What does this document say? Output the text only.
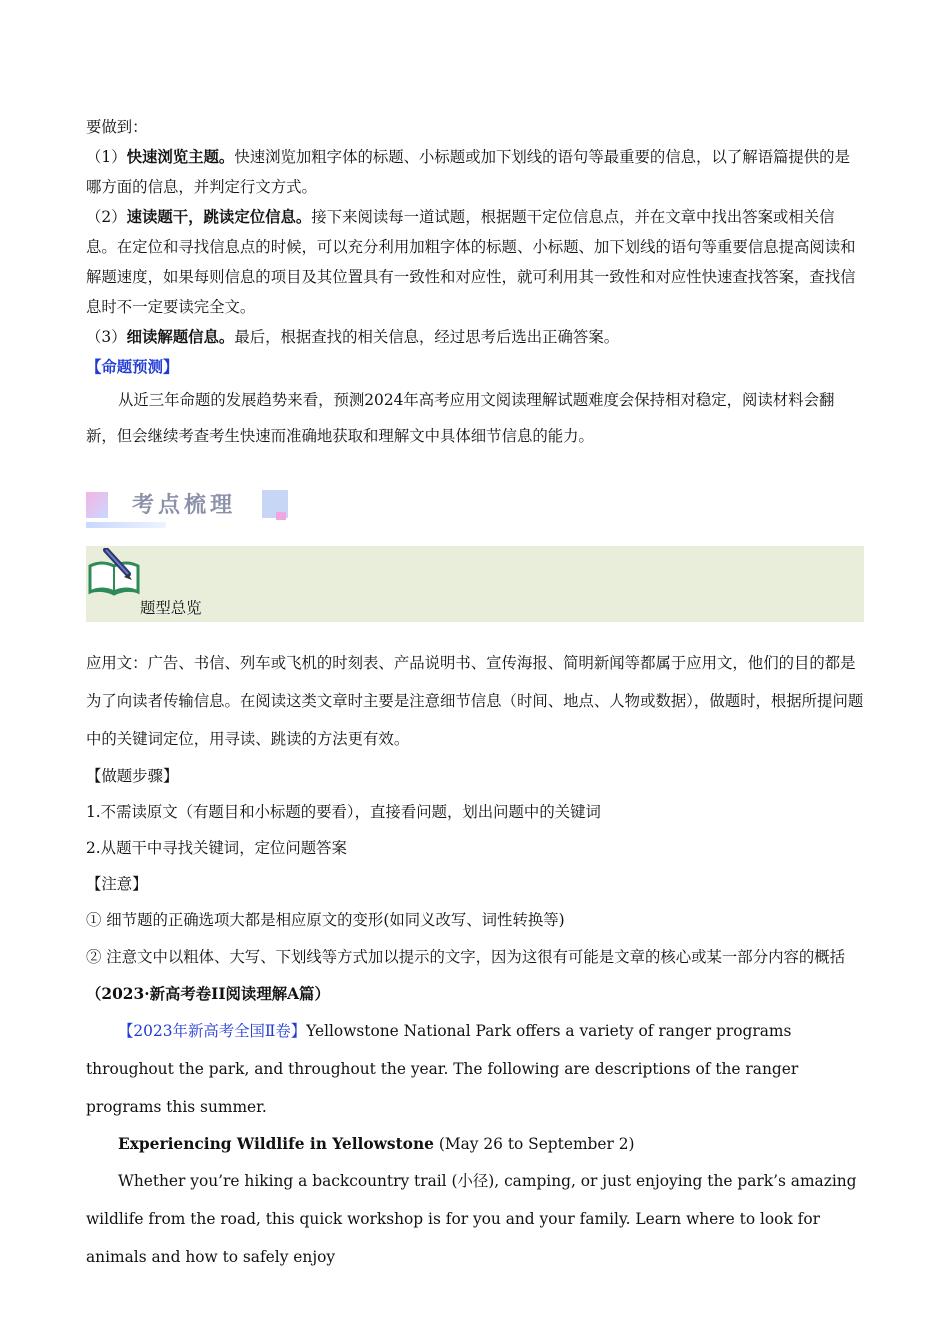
要做到：

（1）快速浏览主题。快速浏览加粗字体的标题、小标题或加下划线的语句等最重要的信息，以了解语篇提供的是哪方面的信息，并判定行文方式。

（2）速读题干，跳读定位信息。接下来阅读每一道试题，根据题干定位信息点，并在文章中找出答案或相关信息。在定位和寻找信息点的时候，可以充分利用加粗字体的标题、小标题、加下划线的语句等重要信息提高阅读和解题速度，如果每则信息的项目及其位置具有一致性和对应性，就可利用其一致性和对应性快速查找答案，查找信息时不一定要读完全文。

（3）细读解题信息。最后，根据查找的相关信息，经过思考后选出正确答案。

【命题预测】

从近三年命题的发展趋势来看，预测2024年高考应用文阅读理解试题难度会保持相对稳定，阅读材料会翻新，但会继续考查考生快速而准确地获取和理解文中具体细节信息的能力。

考点梳理
题型总览

应用文：广告、书信、列车或飞机的时刻表、产品说明书、宣传海报、简明新闻等都属于应用文，他们的目的都是为了向读者传输信息。在阅读这类文章时主要是注意细节信息（时间、地点、人物或数据），做题时，根据所提问题中的关键词定位，用寻读、跳读的方法更有效。

【做题步骤】

1.不需读原文（有题目和小标题的要看），直接看问题，划出问题中的关键词

2.从题干中寻找关键词，定位问题答案

【注意】

① 细节题的正确选项大都是相应原文的变形(如同义改写、词性转换等)

② 注意文中以粗体、大写、下划线等方式加以提示的文字，因为这很有可能是文章的核心或某一部分内容的概括

（2023·新高考卷II阅读理解A篇）

【2023年新高考全国Ⅱ卷】Yellowstone National Park offers a variety of ranger programs throughout the park, and throughout the year. The following are descriptions of the ranger programs this summer.

Experiencing Wildlife in Yellowstone (May 26 to September 2)

Whether you’re hiking a backcountry trail (小径), camping, or just enjoying the park’s amazing wildlife from the road, this quick workshop is for you and your family. Learn where to look for animals and how to safely enjoy
